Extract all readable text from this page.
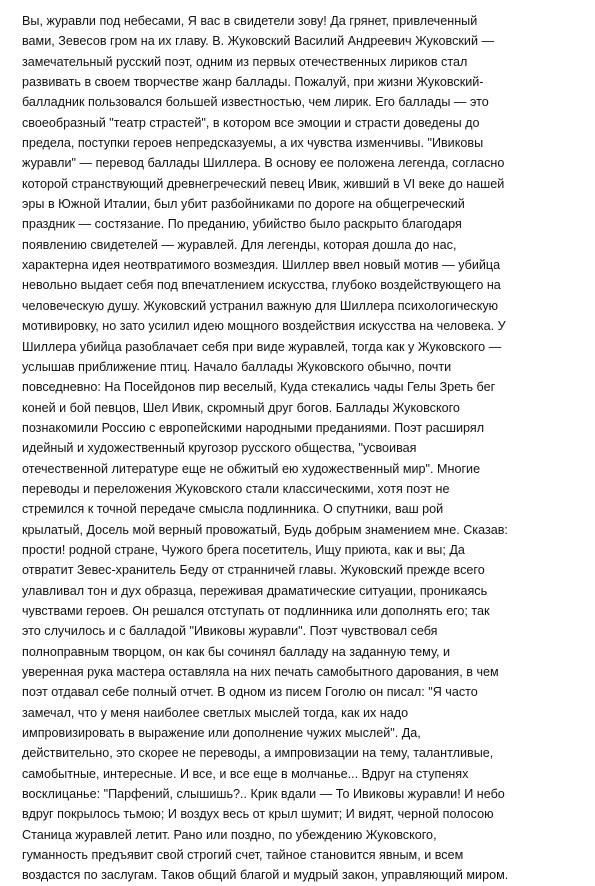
Вы, журавли под небесами, Я вас в свидетели зову! Да грянет, привлеченный
вами, Зевесов гром на их главу. В. Жуковский Василий Андреевич Жуковский —
замечательный русский поэт, одним из первых отечественных лириков стал
развивать в своем творчестве жанр баллады. Пожалуй, при жизни Жуковский-
балладник пользовался большей известностью, чем лирик. Его баллады — это
своеобразный "театр страстей", в котором все эмоции и страсти доведены до
предела, поступки героев непредсказуемы, а их чувства изменчивы. "Ивиковы
журавли" — перевод баллады Шиллера. В основу ее положена легенда, согласно
которой странствующий древнегреческий певец Ивик, живший в VI веке до нашей
эры в Южной Италии, был убит разбойниками по дороге на общегреческий
праздник — состязание. По преданию, убийство было раскрыто благодаря
появлению свидетелей — журавлей. Для легенды, которая дошла до нас,
характерна идея неотвратимого возмездия. Шиллер ввел новый мотив — убийца
невольно выдает себя под впечатлением искусства, глубоко воздействующего на
человеческую душу. Жуковский устранил важную для Шиллера психологическую
мотивировку, но зато усилил идею мощного воздействия искусства на человека. У
Шиллера убийца разоблачает себя при виде журавлей, тогда как у Жуковского —
услышав приближение птиц. Начало баллады Жуковского обычно, почти
повседневно: На Посейдонов пир веселый, Куда стекались чады Гелы Зреть бег
коней и бой певцов, Шел Ивик, скромный друг богов. Баллады Жуковского
познакомили Россию с европейскими народными преданиями. Поэт расширял
идейный и художественный кругозор русского общества, "усвоивая
отечественной литературе еще не обжитый ею художественный мир". Многие
переводы и переложения Жуковского стали классическими, хотя поэт не
стремился к точной передаче смысла подлинника. О спутники, ваш рой
крылатый, Досель мой верный провожатый, Будь добрым знамением мне. Сказав:
прости! родной стране, Чужого брега посетитель, Ищу приюта, как и вы; Да
отвратит Зевес-хранитель Беду от странничей главы. Жуковский прежде всего
улавливал тон и дух образца, переживая драматические ситуации, проникаясь
чувствами героев. Он решался отступать от подлинника или дополнять его; так
это случилось и с балладой "Ивиковы журавли". Поэт чувствовал себя
полноправным творцом, он как бы сочинял балладу на заданную тему, и
уверенная рука мастера оставляла на них печать самобытного дарования, в чем
поэт отдавал себе полный отчет. В одном из писем Гоголю он писал: "Я часто
замечал, что у меня наиболее светлых мыслей тогда, как их надо
импровизировать в выражение или дополнение чужих мыслей". Да,
действительно, это скорее не переводы, а импровизации на тему, талантливые,
самобытные, интересные. И все, и все еще в молчанье... Вдруг на ступенях
восклицанье: "Парфений, слышишь?.. Крик вдали — То Ивиковы журавли! И небо
вдруг покрылось тьмою; И воздух весь от крыл шумит; И видят, черной полосою
Станица журавлей летит. Рано или поздно, по убеждению Жуковского,
гуманность предъявит свой строгий счет, тайное становится явным, и всем
воздастся по заслугам. Таков общий благой и мудрый закон, управляющий миром.
